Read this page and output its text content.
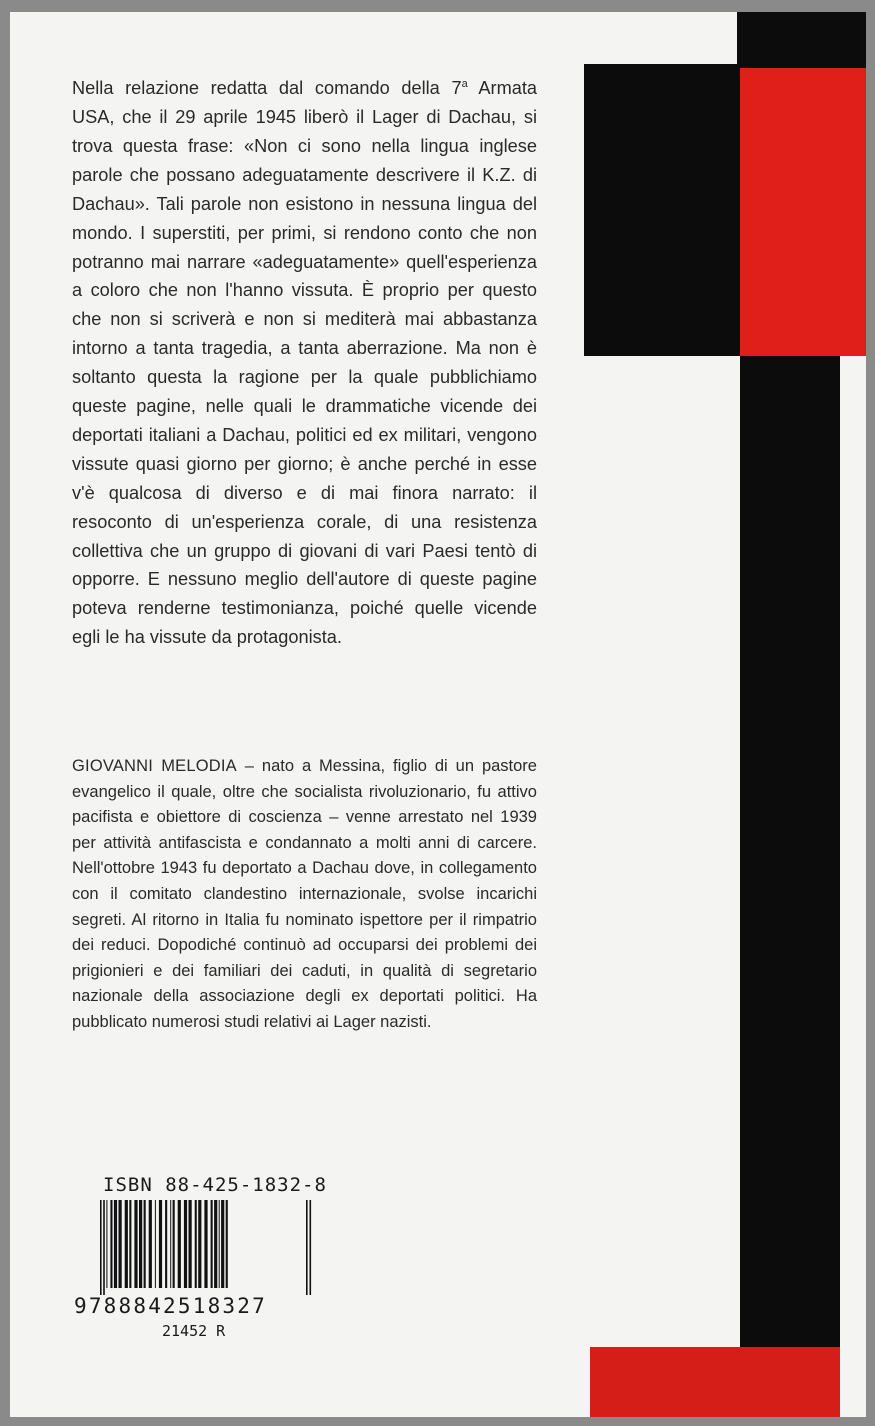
Nella relazione redatta dal comando della 7$^a$ Armata USA, che il 29 aprile 1945 liberò il Lager di Dachau, si trova questa frase: «Non ci sono nella lingua inglese parole che possano adeguatamente descrivere il K.Z. di Dachau». Tali parole non esistono in nessuna lingua del mondo. I superstiti, per primi, si rendono conto che non potranno mai narrare «adeguatamente» quell'esperienza a coloro che non l'hanno vissuta. È proprio per questo che non si scriverà e non si mediterà mai abbastanza intorno a tanta tragedia, a tanta aberrazione. Ma non è soltanto questa la ragione per la quale pubblichiamo queste pagine, nelle quali le drammatiche vicende dei deportati italiani a Dachau, politici ed ex militari, vengono vissute quasi giorno per giorno; è anche perché in esse v'è qualcosa di diverso e di mai finora narrato: il resoconto di un'esperienza corale, di una resistenza collettiva che un gruppo di giovani di vari Paesi tentò di opporre. E nessuno meglio dell'autore di queste pagine poteva renderne testimonianza, poiché quelle vicende egli le ha vissute da protagonista.
GIOVANNI MELODIA – nato a Messina, figlio di un pastore evangelico il quale, oltre che socialista rivoluzionario, fu attivo pacifista e obiettore di coscienza – venne arrestato nel 1939 per attività antifascista e condannato a molti anni di carcere. Nell'ottobre 1943 fu deportato a Dachau dove, in collegamento con il comitato clandestino internazionale, svolse incarichi segreti. Al ritorno in Italia fu nominato ispettore per il rimpatrio dei reduci. Dopodiché continuò ad occuparsi dei problemi dei prigionieri e dei familiari dei caduti, in qualità di segretario nazionale della associazione degli ex deportati politici. Ha pubblicato numerosi studi relativi ai Lager nazisti.
ISBN 88-425-1832-8
9788842518327
21452 R
